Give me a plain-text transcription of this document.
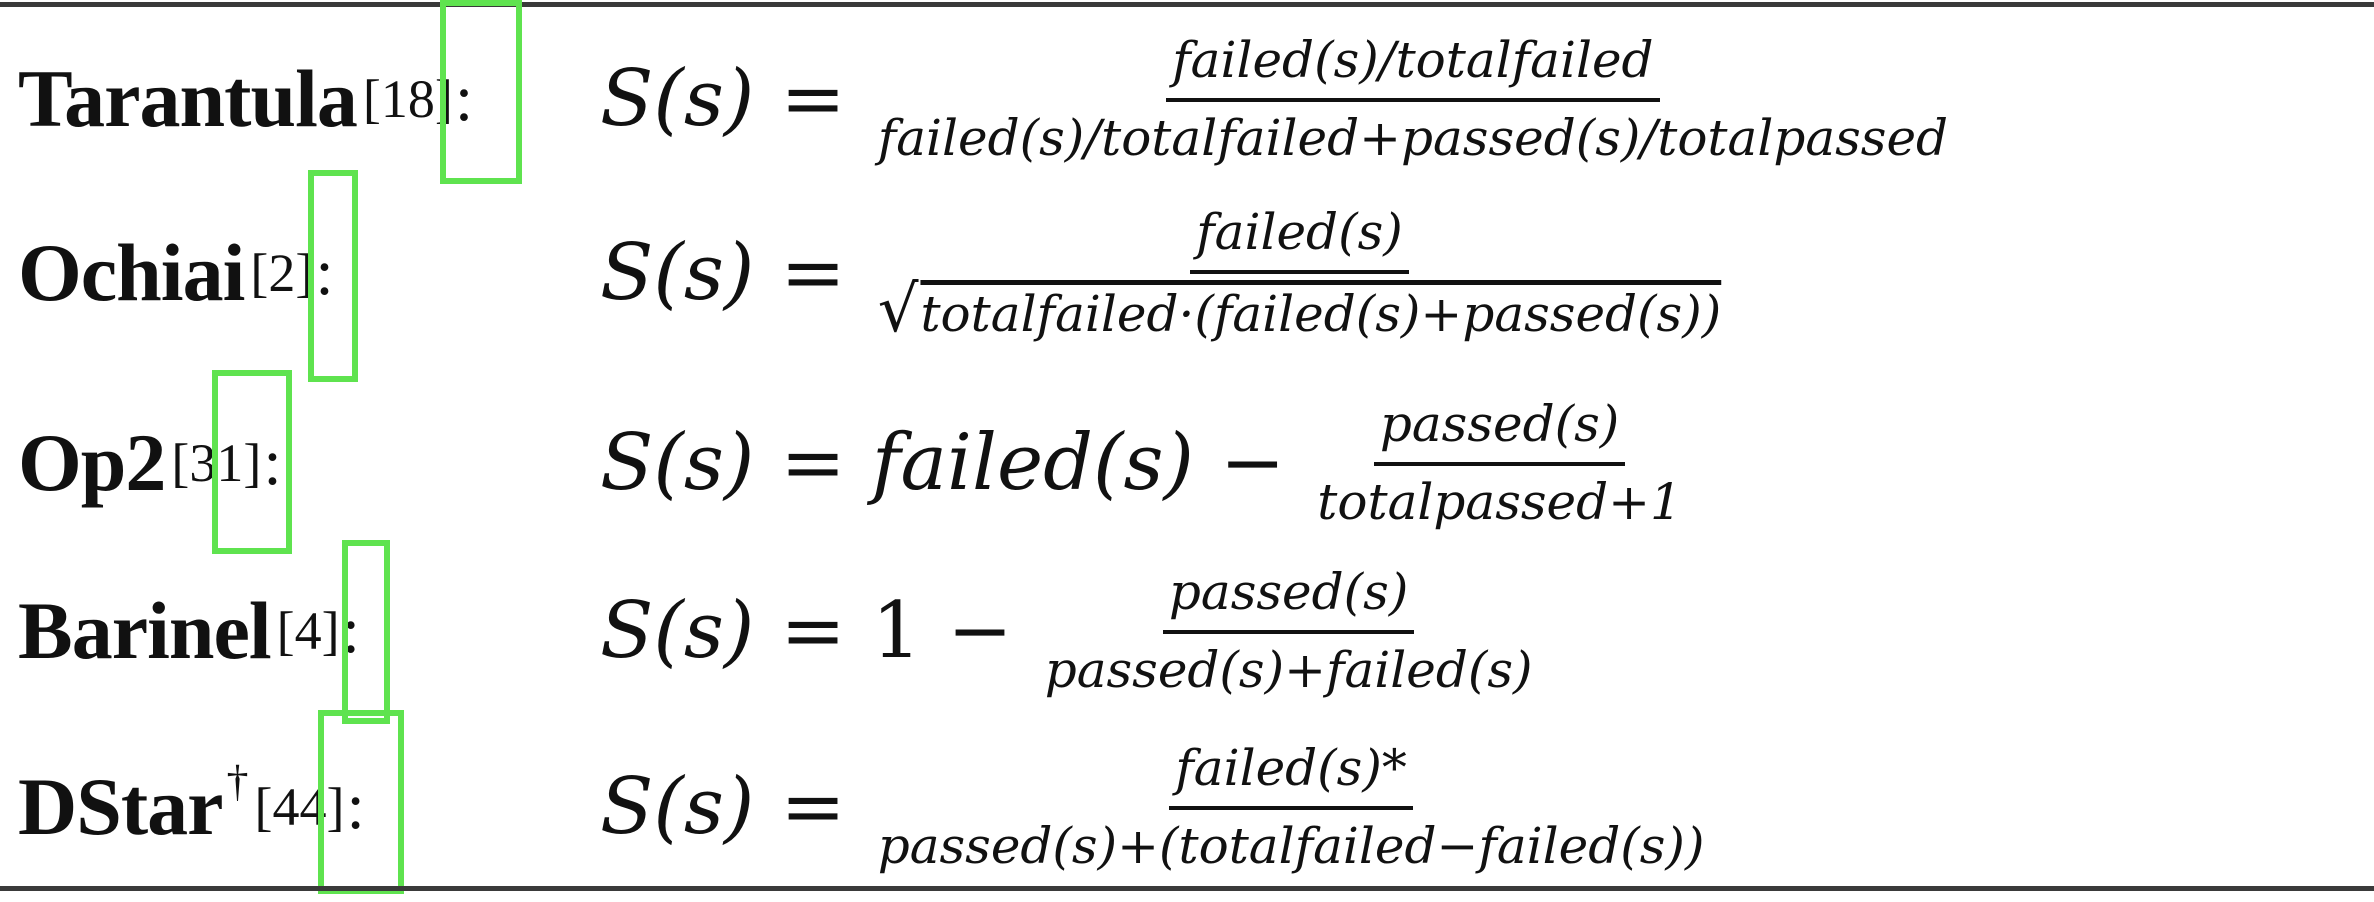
Tarantula [18] : $S(s) = \frac{\text{failed(s)/totalfailed}}{\text{failed(s)/totalfailed+passed(s)/totalpassed}}$
Ochiai [2] :	$S(s) = \frac{\text{failed(s)}}{\text{√totalfailed·(failed(s)+passed(s))}}$
Op2 [31] :	S(s) = failed(s) − $\frac{\text{passed(s)}}{\text{totalpassed+1}}$
Barinel [4] :	$S(s) = 1 - \frac{\text{passed(s)}}{\text{passed(s)+failed(s)}}$
DStar † [44] :	$S(s) = \frac{\text{failed(s)*}}{\text{passed(s)+(totalfailed−failed(s))}}$
